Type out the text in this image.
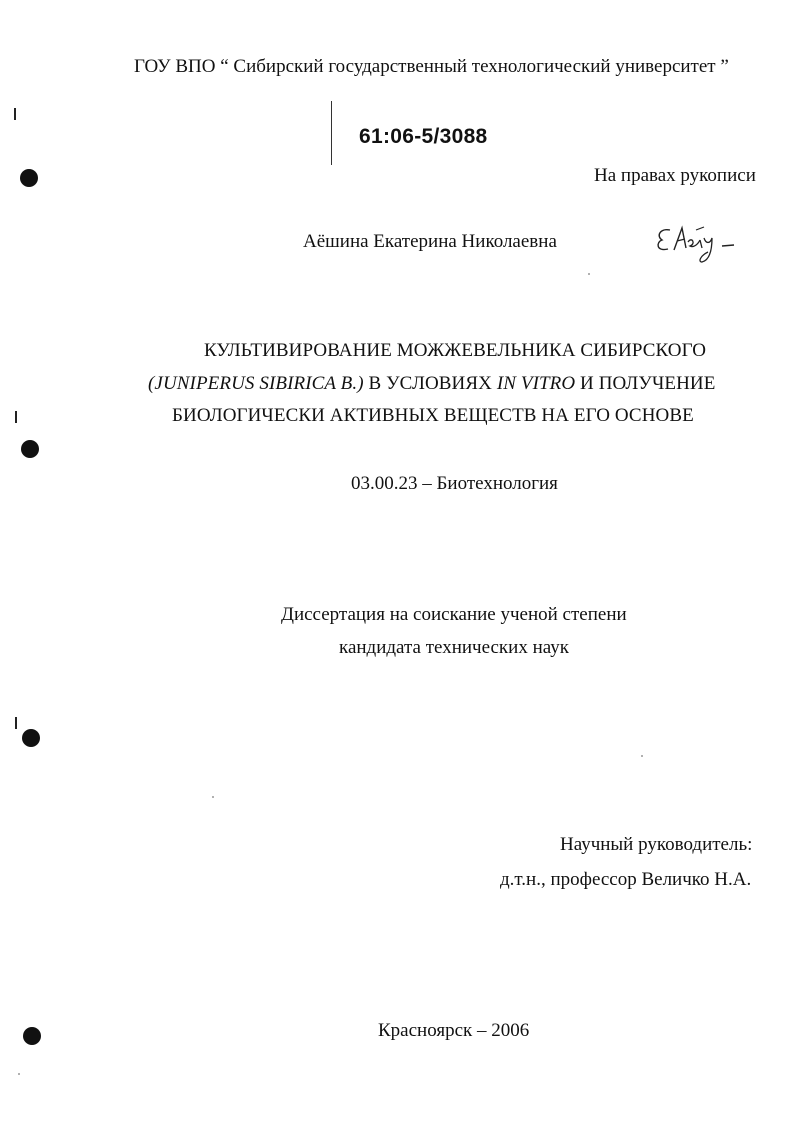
ГОУ ВПО “ Сибирский государственный технологический университет ”
61:06-5/3088
На правах рукописи
Аёшина Екатерина Николаевна
КУЛЬТИВИРОВАНИЕ МОЖЖЕВЕЛЬНИКА СИБИРСКОГО
(JUNIPERUS SIBIRICA B.) В УСЛОВИЯХ IN VITRO И ПОЛУЧЕНИЕ
БИОЛОГИЧЕСКИ АКТИВНЫХ ВЕЩЕСТВ НА ЕГО ОСНОВЕ
03.00.23 – Биотехнология
Диссертация на соискание ученой степени
кандидата технических наук
Научный руководитель:
д.т.н., профессор Величко Н.А.
Красноярск – 2006
